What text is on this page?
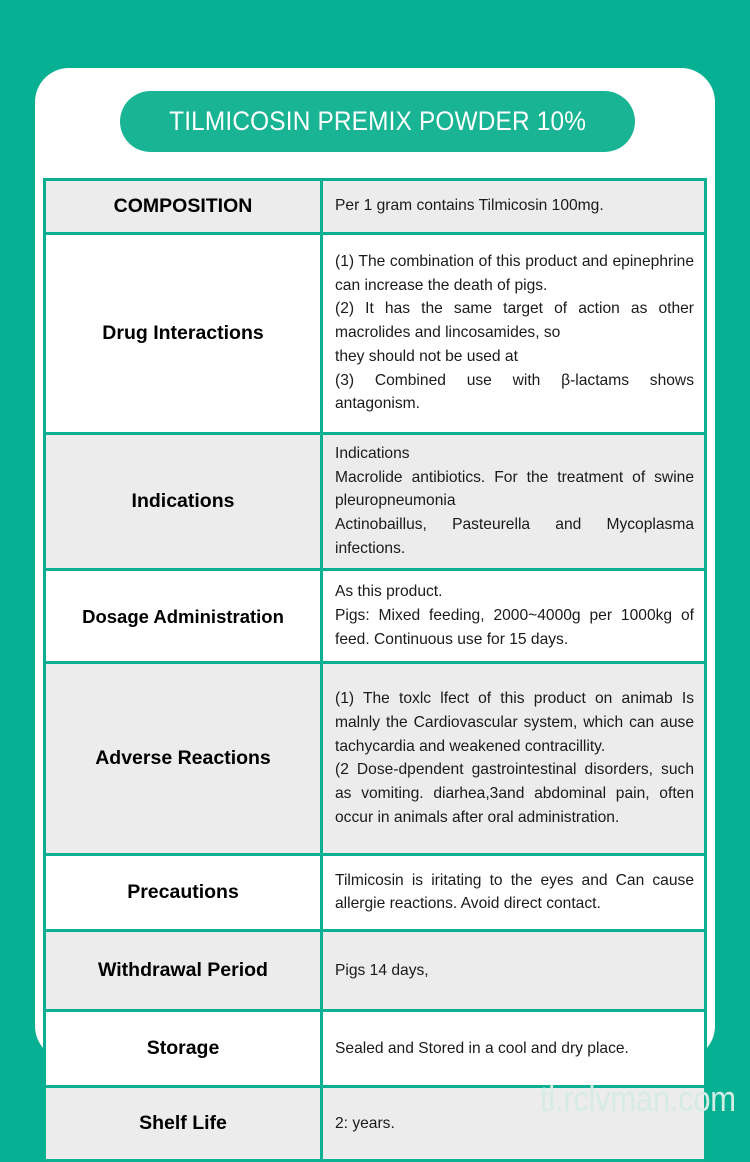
TILMICOSIN PREMIX POWDER 10%
COMPOSITION	Per 1 gram contains Tilmicosin 100mg.

Drug Interactions	(1) The combination of this product and epinephrine can increase the death of pigs.
(2) It has the same target of action as other macrolides and lincosamides, so
they should not be used at
(3) Combined use with β-lactams shows antagonism.

Indications	Indications
Macrolide antibiotics. For the treatment of swine pleuropneumonia
Actinobaillus, Pasteurella and Mycoplasma infections.

Dosage Administration	As this product.
Pigs: Mixed feeding, 2000~4000g per 1000kg of feed. Continuous use for 15 days.

Adverse Reactions	(1) The toxlc lfect of this product on animab Is malnly the Cardiovascular system, which can ause tachycardia and weakened contracillity.
(2 Dose-dpendent gastrointestinal disorders, such as vomiting. diarhea,3and abdominal pain, often occur in animals after oral administration.

Precautions	Tilmicosin is iritating to the eyes and Can cause allergie reactions. Avoid direct contact.

Withdrawal Period	Pigs 14 days,

Storage	Sealed and Stored in a cool and dry place.

Shelf Life	2: years.
tl.rclvman.com
